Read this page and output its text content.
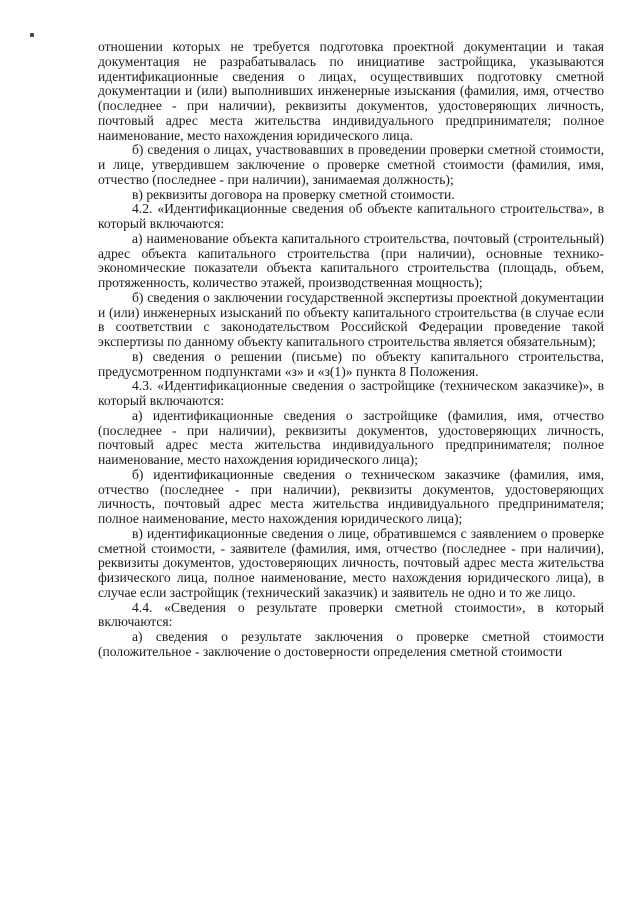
отношении которых не требуется подготовка проектной документации и такая документация не разрабатывалась по инициативе застройщика, указываются идентификационные сведения о лицах, осуществивших подготовку сметной документации и (или) выполнивших инженерные изыскания (фамилия, имя, отчество (последнее - при наличии), реквизиты документов, удостоверяющих личность, почтовый адрес места жительства индивидуального предпринимателя; полное наименование, место нахождения юридического лица.

б) сведения о лицах, участвовавших в проведении проверки сметной стоимости, и лице, утвердившем заключение о проверке сметной стоимости (фамилия, имя, отчество (последнее - при наличии), занимаемая должность);

в) реквизиты договора на проверку сметной стоимости.

4.2. «Идентификационные сведения об объекте капитального строительства», в который включаются:

а) наименование объекта капитального строительства, почтовый (строительный) адрес объекта капитального строительства (при наличии), основные технико-экономические показатели объекта капитального строительства (площадь, объем, протяженность, количество этажей, производственная мощность);

б) сведения о заключении государственной экспертизы проектной документации и (или) инженерных изысканий по объекту капитального строительства (в случае если в соответствии с законодательством Российской Федерации проведение такой экспертизы по данному объекту капитального строительства является обязательным);

в) сведения о решении (письме) по объекту капитального строительства, предусмотренном подпунктами «з» и «з(1)» пункта 8 Положения.

4.3. «Идентификационные сведения о застройщике (техническом заказчике)», в который включаются:

а) идентификационные сведения о застройщике (фамилия, имя, отчество (последнее - при наличии), реквизиты документов, удостоверяющих личность, почтовый адрес места жительства индивидуального предпринимателя; полное наименование, место нахождения юридического лица);

б) идентификационные сведения о техническом заказчике (фамилия, имя, отчество (последнее - при наличии), реквизиты документов, удостоверяющих личность, почтовый адрес места жительства индивидуального предпринимателя; полное наименование, место нахождения юридического лица);

в) идентификационные сведения о лице, обратившемся с заявлением о проверке сметной стоимости, - заявителе (фамилия, имя, отчество (последнее - при наличии), реквизиты документов, удостоверяющих личность, почтовый адрес места жительства физического лица, полное наименование, место нахождения юридического лица), в случае если застройщик (технический заказчик) и заявитель не одно и то же лицо.

4.4. «Сведения о результате проверки сметной стоимости», в который включаются:

а) сведения о результате заключения о проверке сметной стоимости (положительное - заключение о достоверности определения сметной стоимости
